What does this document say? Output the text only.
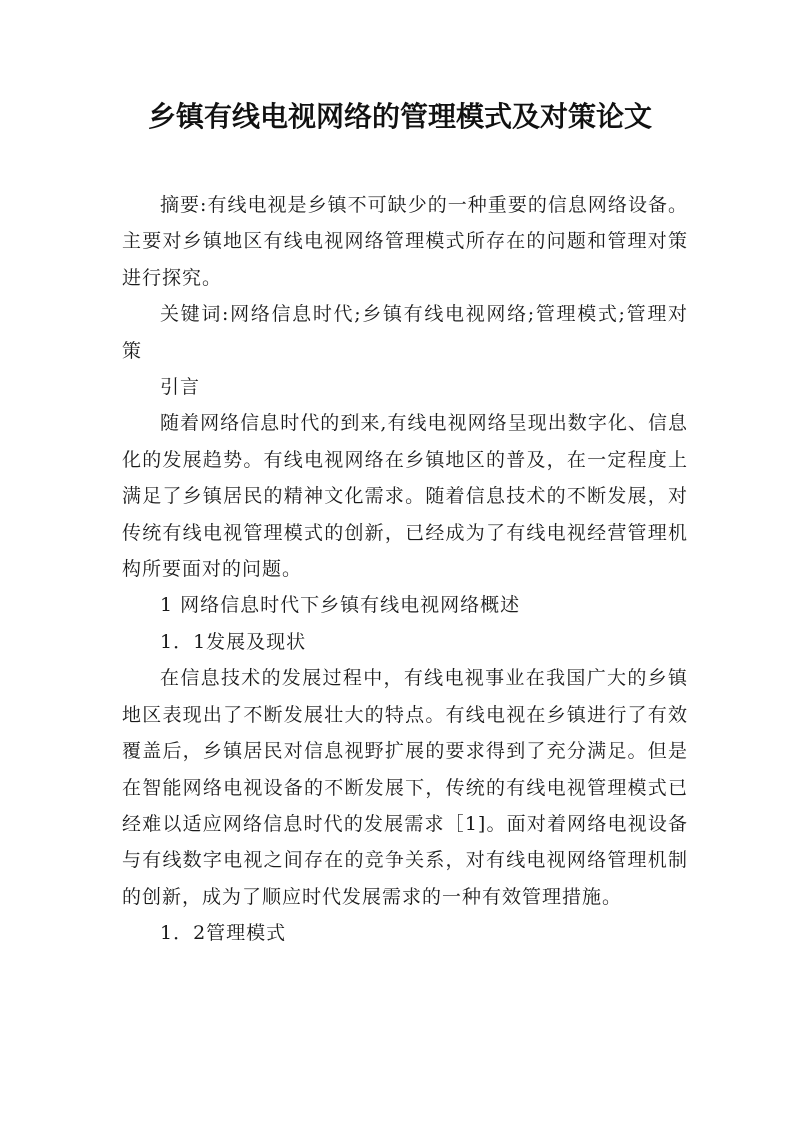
乡镇有线电视网络的管理模式及对策论文

摘要:有线电视是乡镇不可缺少的一种重要的信息网络设备。主要对乡镇地区有线电视网络管理模式所存在的问题和管理对策进行探究。

关键词:网络信息时代;乡镇有线电视网络;管理模式;管理对策

引言

随着网络信息时代的到来,有线电视网络呈现出数字化、信息化的发展趋势。有线电视网络在乡镇地区的普及，在一定程度上满足了乡镇居民的精神文化需求。随着信息技术的不断发展，对传统有线电视管理模式的创新，已经成为了有线电视经营管理机构所要面对的问题。

1 网络信息时代下乡镇有线电视网络概述

1．1发展及现状

在信息技术的发展过程中，有线电视事业在我国广大的乡镇地区表现出了不断发展壮大的特点。有线电视在乡镇进行了有效覆盖后，乡镇居民对信息视野扩展的要求得到了充分满足。但是在智能网络电视设备的不断发展下，传统的有线电视管理模式已经难以适应网络信息时代的发展需求［1]。面对着网络电视设备与有线数字电视之间存在的竞争关系，对有线电视网络管理机制的创新，成为了顺应时代发展需求的一种有效管理措施。

1．2管理模式
